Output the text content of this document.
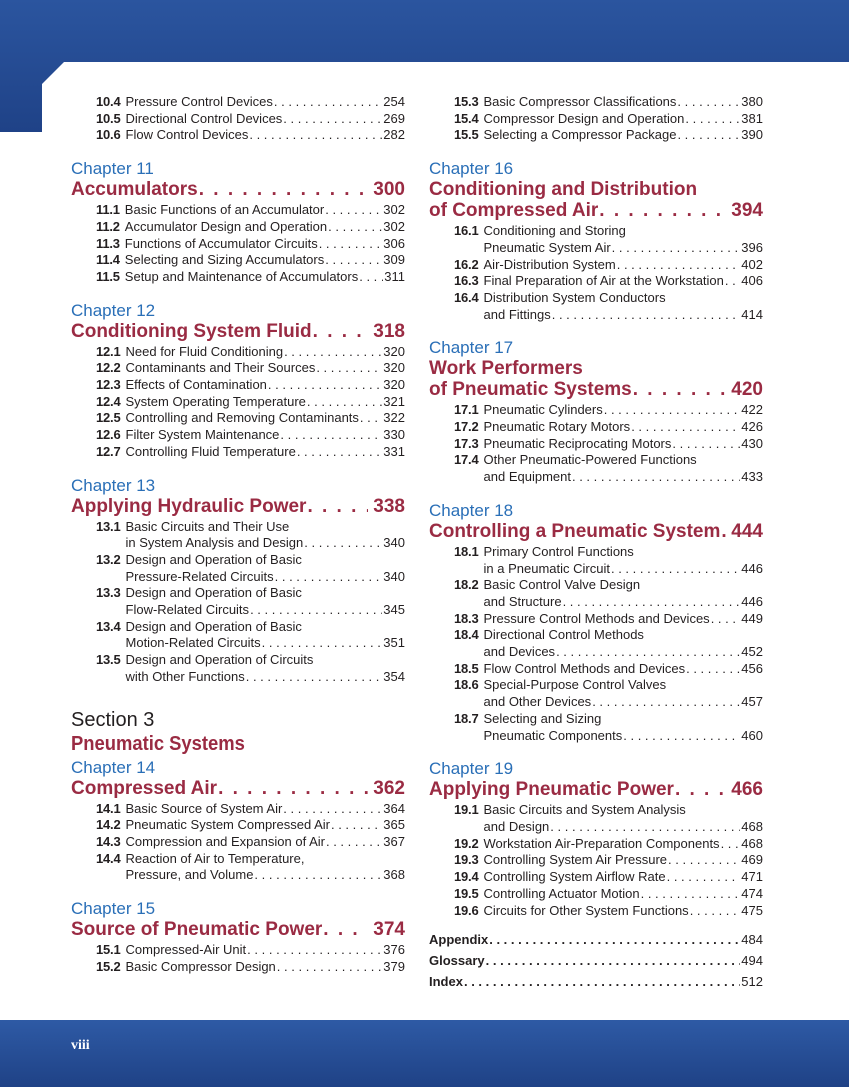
viii
10.4 Pressure Control Devices . . .	254
10.5 Directional Control Devices . . .	269
10.6 Flow Control Devices . . .	282
Chapter 11
Accumulators . . .	300
11.1 Basic Functions of an Accumulator . . .	302
11.2 Accumulator Design and Operation . . .	302
11.3 Functions of Accumulator Circuits . . .	306
11.4 Selecting and Sizing Accumulators . . .	309
11.5 Setup and Maintenance of Accumulators . . . 311
Chapter 12
Conditioning System Fluid . . .	318
12.1 Need for Fluid Conditioning . . .	320
12.2 Contaminants and Their Sources . . .	320
12.3 Effects of Contamination . . .	320
12.4 System Operating Temperature . . .	321
12.5 Controlling and Removing Contaminants . . . 322
12.6 Filter System Maintenance . . .	330
12.7 Controlling Fluid Temperature . . .	331
Chapter 13
Applying Hydraulic Power . . .	338
13.1 Basic Circuits and Their Use
in System Analysis and Design . . .	340
13.2 Design and Operation of Basic
Pressure-Related Circuits . . .	340
13.3 Design and Operation of Basic
Flow-Related Circuits . . .	345
13.4 Design and Operation of Basic
Motion-Related Circuits . . .	351
13.5 Design and Operation of Circuits
with Other Functions . . .	354
Section 3
Pneumatic Systems
Chapter 14
Compressed Air . . .	362
14.1 Basic Source of System Air . . .	364
14.2 Pneumatic System Compressed Air . . .	365
14.3 Compression and Expansion of Air . . .	367
14.4 Reaction of Air to Temperature,
Pressure, and Volume . . .	368
Chapter 15
Source of Pneumatic Power . . .	374
15.1 Compressed-Air Unit . . .	376
15.2 Basic Compressor Design . . .	379
15.3 Basic Compressor Classifications . . .	380
15.4 Compressor Design and Operation . . .	381
15.5 Selecting a Compressor Package . . .	390
Chapter 16
Conditioning and Distribution
of Compressed Air . . .	394
16.1 Conditioning and Storing
Pneumatic System Air . . .	396
16.2 Air-Distribution System . . .	402
16.3 Final Preparation of Air at the Workstation . . . 406
16.4 Distribution System Conductors
and Fittings . . .	414
Chapter 17
Work Performers
of Pneumatic Systems . . .	420
17.1 Pneumatic Cylinders . . .	422
17.2 Pneumatic Rotary Motors . . .	426
17.3 Pneumatic Reciprocating Motors . . .	430
17.4 Other Pneumatic-Powered Functions
and Equipment . . .	433
Chapter 18
Controlling a Pneumatic System . . . 444
18.1 Primary Control Functions
in a Pneumatic Circuit . . .	446
18.2 Basic Control Valve Design
and Structure . . .	446
18.3 Pressure Control Methods and Devices . . . 449
18.4 Directional Control Methods
and Devices . . .	452
18.5 Flow Control Methods and Devices . . .	456
18.6 Special-Purpose Control Valves
and Other Devices . . .	457
18.7 Selecting and Sizing
Pneumatic Components . . .	460
Chapter 19
Applying Pneumatic Power . . .	466
19.1 Basic Circuits and System Analysis
and Design . . .	468
19.2 Workstation Air-Preparation Components . . . 468
19.3 Controlling System Air Pressure . . .	469
19.4 Controlling System Airflow Rate . . .	471
19.5 Controlling Actuator Motion . . .	474
19.6 Circuits for Other System Functions . . .	475
Appendix . . .	484
Glossary . . .	494
Index . . .	512
